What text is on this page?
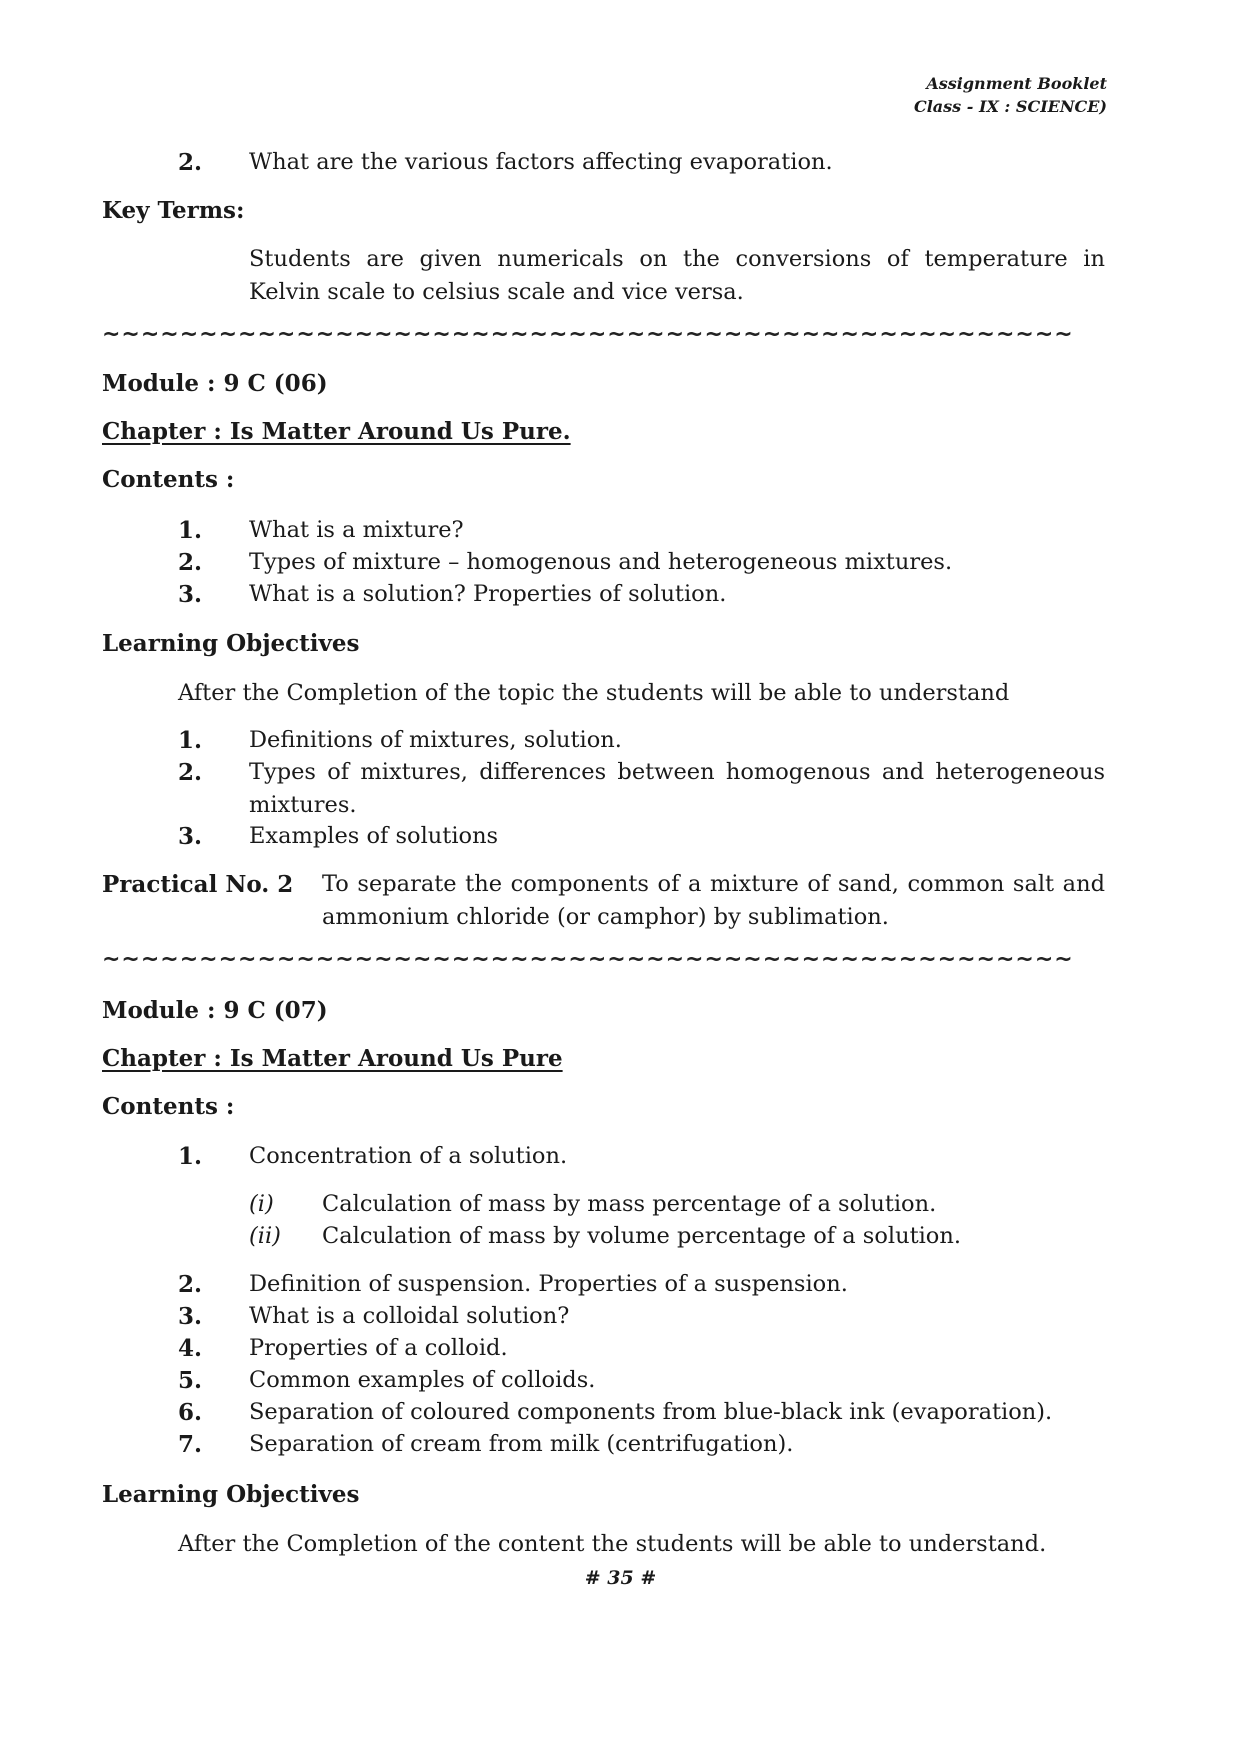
Assignment Booklet
Class - IX : SCIENCE)
2. What are the various factors affecting evaporation.
Key Terms:
Students are given numericals on the conversions of temperature in Kelvin scale to celsius scale and vice versa.
~~~~~~~~~~~~~~~~~~~~~~~~~~~~~~~~~~~~~~~~~~~~~~~~~~
Module : 9 C (06)
Chapter : Is Matter Around Us Pure.
Contents :
1. What is a mixture?
2. Types of mixture – homogenous and heterogeneous mixtures.
3. What is a solution? Properties of solution.
Learning Objectives
After the Completion of the topic the students will be able to understand
1. Definitions of mixtures, solution.
2. Types of mixtures, differences between homogenous and heterogeneous mixtures.
3. Examples of solutions
Practical No. 2 To separate the components of a mixture of sand, common salt and ammonium chloride (or camphor) by sublimation.
~~~~~~~~~~~~~~~~~~~~~~~~~~~~~~~~~~~~~~~~~~~~~~~~~~
Module : 9 C (07)
Chapter : Is Matter Around Us Pure
Contents :
1. Concentration of a solution.
(i) Calculation of mass by mass percentage of a solution.
(ii) Calculation of mass by volume percentage of a solution.
2. Definition of suspension. Properties of a suspension.
3. What is a colloidal solution?
4. Properties of a colloid.
5. Common examples of colloids.
6. Separation of coloured components from blue-black ink (evaporation).
7. Separation of cream from milk (centrifugation).
Learning Objectives
After the Completion of the content the students will be able to understand.
# 35 #
